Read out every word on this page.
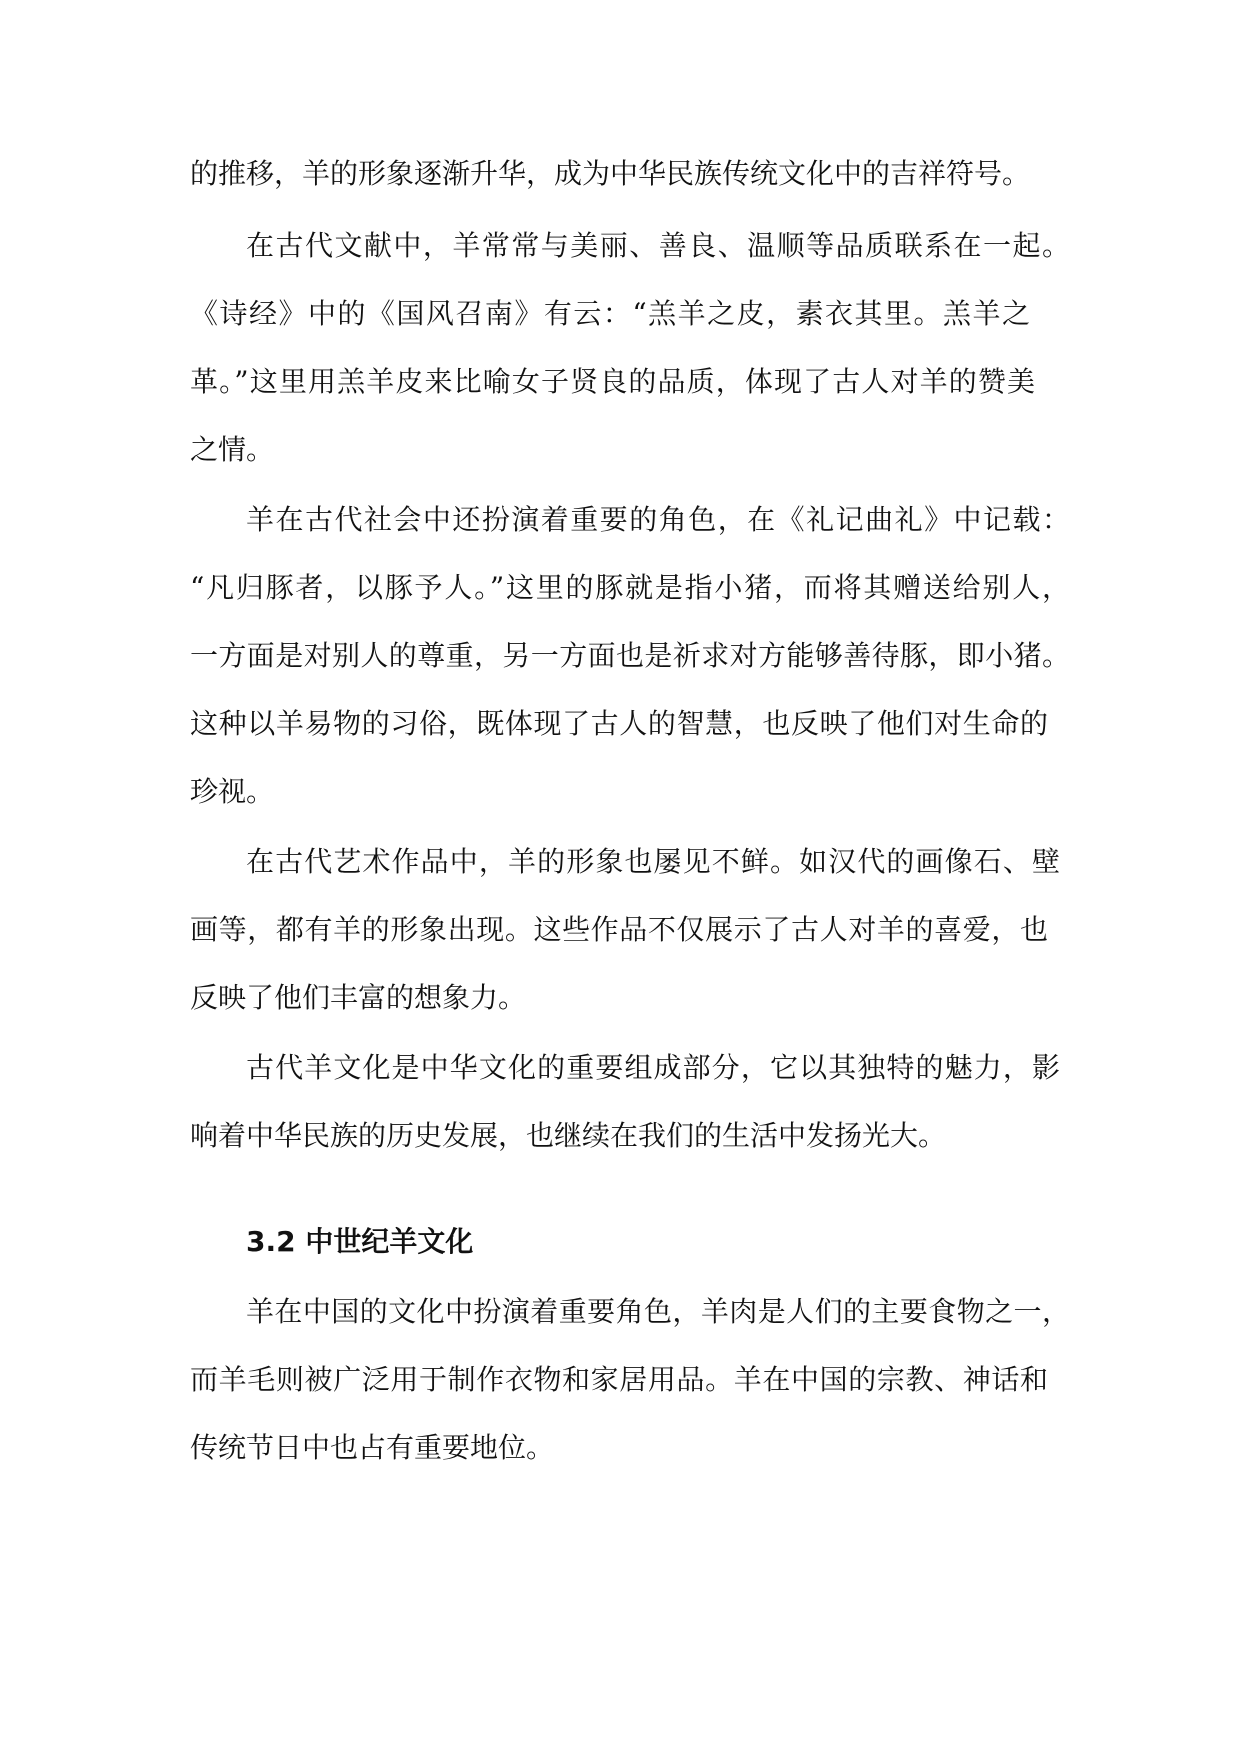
的推移，羊的形象逐渐升华，成为中华民族传统文化中的吉祥符号。
在古代文献中，羊常常与美丽、善良、温顺等品质联系在一起。
《诗经》中的《国风召南》有云：“羔羊之皮，素衣其里。羔羊之
革。”这里用羔羊皮来比喻女子贤良的品质，体现了古人对羊的赞美
之情。
羊在古代社会中还扮演着重要的角色，在《礼记曲礼》中记载：
“凡归豚者，以豚予人。”这里的豚就是指小猪，而将其赠送给别人，
一方面是对别人的尊重，另一方面也是祈求对方能够善待豚，即小猪。
这种以羊易物的习俗，既体现了古人的智慧，也反映了他们对生命的
珍视。
在古代艺术作品中，羊的形象也屡见不鲜。如汉代的画像石、壁
画等，都有羊的形象出现。这些作品不仅展示了古人对羊的喜爱，也
反映了他们丰富的想象力。
古代羊文化是中华文化的重要组成部分，它以其独特的魅力，影
响着中华民族的历史发展，也继续在我们的生活中发扬光大。
3.2 中世纪羊文化
羊在中国的文化中扮演着重要角色，羊肉是人们的主要食物之一，
而羊毛则被广泛用于制作衣物和家居用品。羊在中国的宗教、神话和
传统节日中也占有重要地位。
